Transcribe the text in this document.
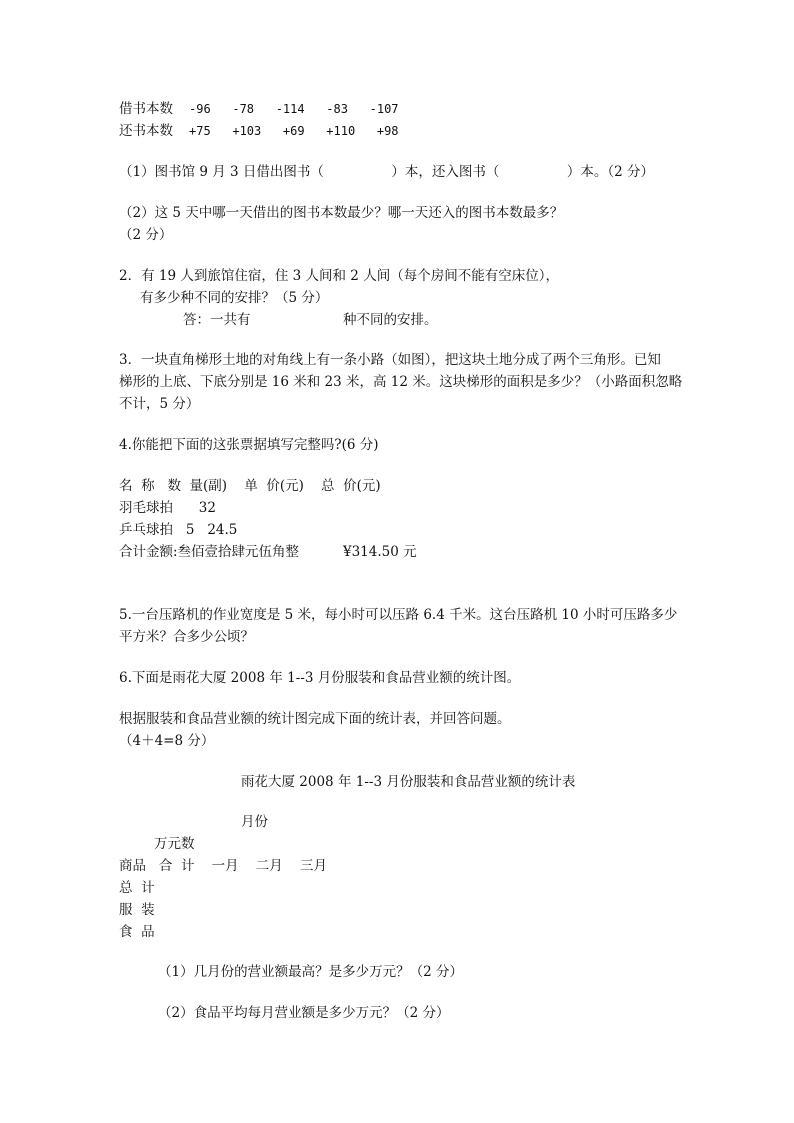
借书本数 -96   -78   -114   -83   -107
还书本数 +75   +103   +69   +110   +98
（1）图书馆 9 月 3 日借出图书（　　　　　）本，还入图书（　　　　　）本。（2 分）
（2）这 5 天中哪一天借出的图书本数最少？哪一天还入的图书本数最多？
（2 分）
2．有 19 人到旅馆住宿，住 3 人间和 2 人间（每个房间不能有空床位），
有多少种不同的安排？（5 分）
答：一共有	种不同的安排。
3．一块直角梯形土地的对角线上有一条小路（如图），把这块土地分成了两个三角形。已知
梯形的上底、下底分别是 16 米和 23 米，高 12 米。这块梯形的面积是多少？（小路面积忽略
不计，5 分）
4.你能把下面的这张票据填写完整吗?(6 分)
名  称   数  量(副)    单  价(元)    总  价(元)
羽毛球拍      32
乒乓球拍   5   24.5
合计金额:叁佰壹拾肆元伍角整	¥314.50 元
5.一台压路机的作业宽度是 5 米，每小时可以压路 6.4 千米。这台压路机 10 小时可压路多少
平方米？合多少公顷？
6.下面是雨花大厦 2008 年 1--3 月份服装和食品营业额的统计图。
根据服装和食品营业额的统计图完成下面的统计表，并回答问题。
（4＋4=8 分）
雨花大厦 2008 年 1--3 月份服装和食品营业额的统计表
月份
万元数
商品   合  计    一月    二月    三月
总  计
服  装
食  品
（1）几月份的营业额最高？是多少万元？（2 分）
（2）食品平均每月营业额是多少万元？（2 分）
